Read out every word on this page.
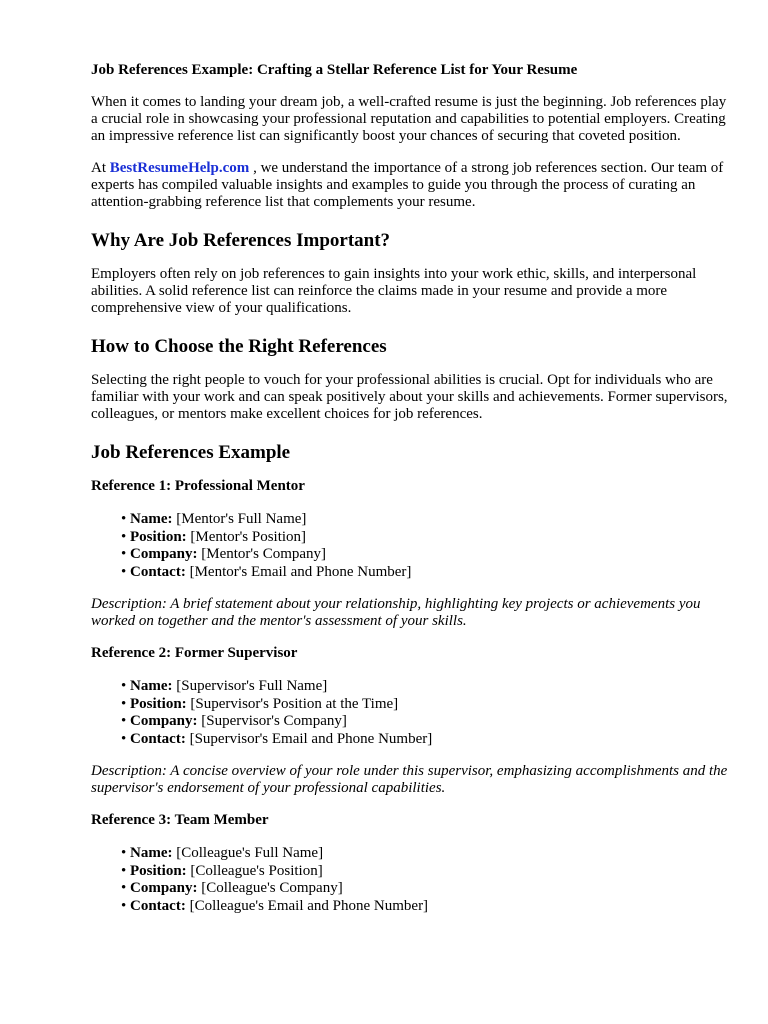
Job References Example: Crafting a Stellar Reference List for Your Resume

When it comes to landing your dream job, a well-crafted resume is just the beginning. Job references play a crucial role in showcasing your professional reputation and capabilities to potential employers. Creating an impressive reference list can significantly boost your chances of securing that coveted position.

At BestResumeHelp.com , we understand the importance of a strong job references section. Our team of experts has compiled valuable insights and examples to guide you through the process of curating an attention-grabbing reference list that complements your resume.

Why Are Job References Important?

Employers often rely on job references to gain insights into your work ethic, skills, and interpersonal abilities. A solid reference list can reinforce the claims made in your resume and provide a more comprehensive view of your qualifications.

How to Choose the Right References

Selecting the right people to vouch for your professional abilities is crucial. Opt for individuals who are familiar with your work and can speak positively about your skills and achievements. Former supervisors, colleagues, or mentors make excellent choices for job references.

Job References Example
Reference 1: Professional Mentor
• Name: [Mentor's Full Name]
• Position: [Mentor's Position]
• Company: [Mentor's Company]
• Contact: [Mentor's Email and Phone Number]

Description: A brief statement about your relationship, highlighting key projects or achievements you worked on together and the mentor's assessment of your skills.

Reference 2: Former Supervisor
• Name: [Supervisor's Full Name]
• Position: [Supervisor's Position at the Time]
• Company: [Supervisor's Company]
• Contact: [Supervisor's Email and Phone Number]

Description: A concise overview of your role under this supervisor, emphasizing accomplishments and the supervisor's endorsement of your professional capabilities.

Reference 3: Team Member
• Name: [Colleague's Full Name]
• Position: [Colleague's Position]
• Company: [Colleague's Company]
• Contact: [Colleague's Email and Phone Number]
